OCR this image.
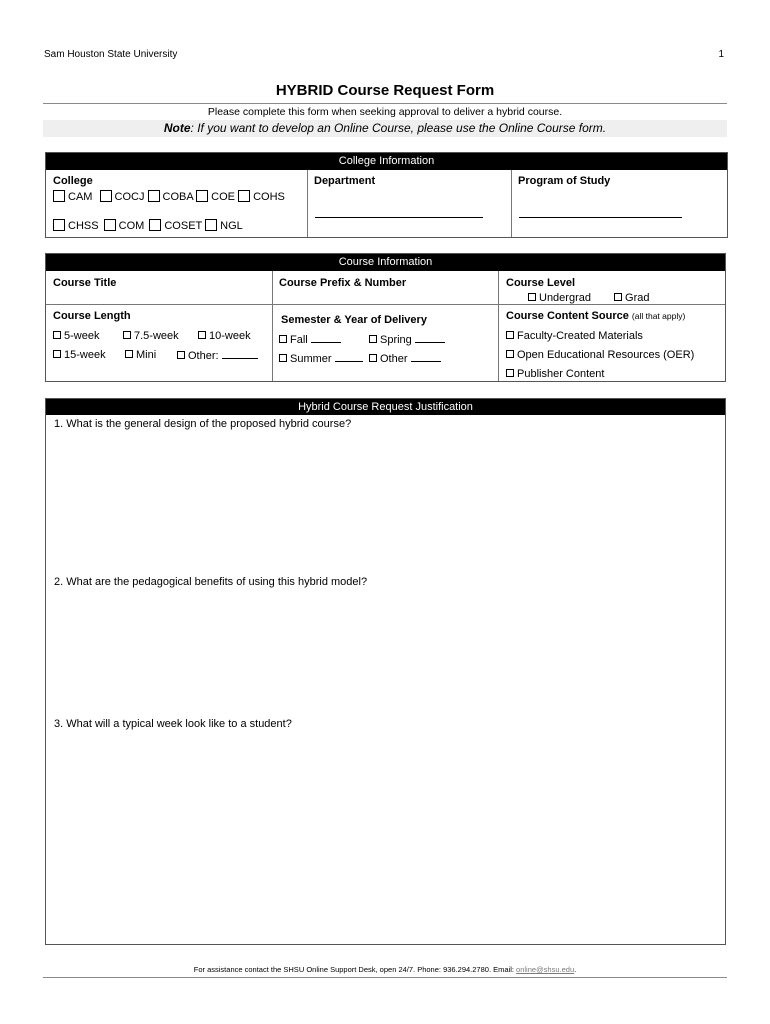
Sam Houston State University	1
HYBRID Course Request Form
Please complete this form when seeking approval to deliver a hybrid course.
Note: If you want to develop an Online Course, please use the Online Course form.
College Information
College
CAM COCJ COBA COE COHS
CHSS COM COSET NGL
Department	Program of Study
Course Information
Course Title	Course Prefix & Number	Course Level
Undergrad	Grad
Course Length
5-week	7.5-week	10-week
15-week	Mini	Other:
Semester & Year of Delivery
Fall	Spring
Summer	Other
Course Content Source (all that apply)
Faculty-Created Materials
Open Educational Resources (OER)
Publisher Content
Hybrid Course Request Justification
1. What is the general design of the proposed hybrid course?
2. What are the pedagogical benefits of using this hybrid model?
3. What will a typical week look like to a student?
For assistance contact the SHSU Online Support Desk, open 24/7. Phone: 936.294.2780. Email: online@shsu.edu.
